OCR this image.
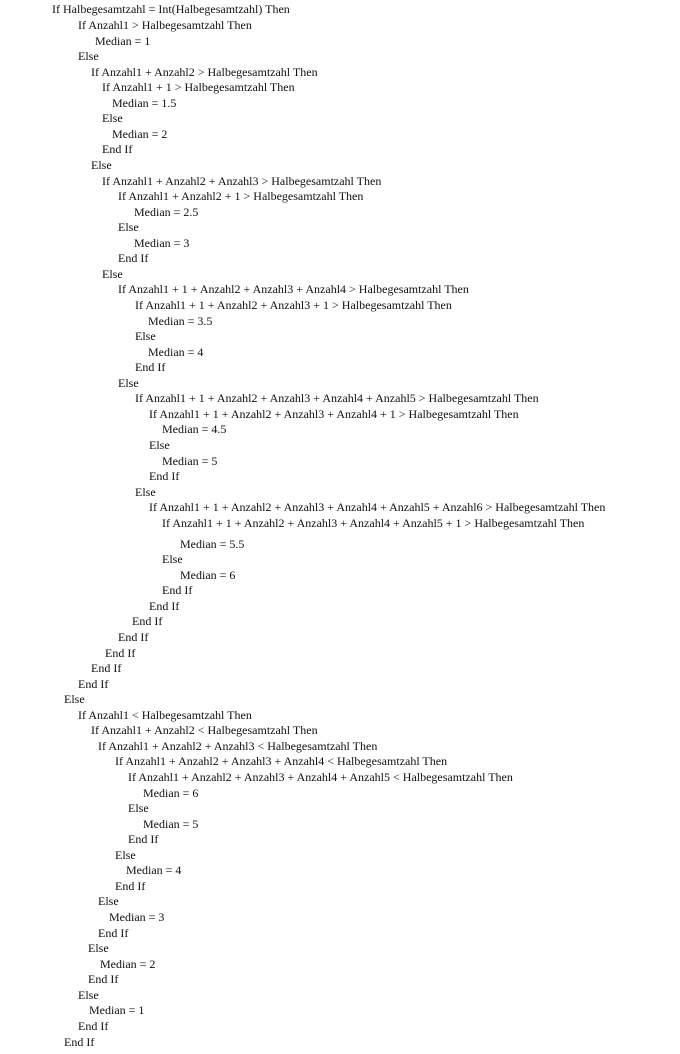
If Halbegesamtzahl = Int(Halbegesamtzahl) Then
If Anzahl1 > Halbegesamtzahl Then
Median = 1
Else
If Anzahl1 + Anzahl2 > Halbegesamtzahl Then
If Anzahl1 + 1 > Halbegesamtzahl Then
Median = 1.5
Else
Median = 2
End If
Else
If Anzahl1 + Anzahl2 + Anzahl3 > Halbegesamtzahl Then
If Anzahl1 + Anzahl2 + 1 > Halbegesamtzahl Then
Median = 2.5
Else
Median = 3
End If
Else
If Anzahl1 + 1 + Anzahl2 + Anzahl3 + Anzahl4 > Halbegesamtzahl Then
If Anzahl1 + 1 + Anzahl2 + Anzahl3 + 1 > Halbegesamtzahl Then
Median = 3.5
Else
Median = 4
End If
Else
If Anzahl1 + 1 + Anzahl2 + Anzahl3 + Anzahl4 + Anzahl5 > Halbegesamtzahl Then
If Anzahl1 + 1 + Anzahl2 + Anzahl3 + Anzahl4 + 1 > Halbegesamtzahl Then
Median = 4.5
Else
Median = 5
End If
Else
If Anzahl1 + 1 + Anzahl2 + Anzahl3 + Anzahl4 + Anzahl5 + Anzahl6 > Halbegesamtzahl Then
If Anzahl1 + 1 + Anzahl2 + Anzahl3 + Anzahl4 + Anzahl5 + 1 > Halbegesamtzahl Then
Median = 5.5
Else
Median = 6
End If
End If
End If
End If
End If
End If
End If
Else
If Anzahl1 < Halbegesamtzahl Then
If Anzahl1 + Anzahl2 < Halbegesamtzahl Then
If Anzahl1 + Anzahl2 + Anzahl3 < Halbegesamtzahl Then
If Anzahl1 + Anzahl2 + Anzahl3 + Anzahl4 < Halbegesamtzahl Then
If Anzahl1 + Anzahl2 + Anzahl3 + Anzahl4 + Anzahl5 < Halbegesamtzahl Then
Median = 6
Else
Median = 5
End If
Else
Median = 4
End If
Else
Median = 3
End If
Else
Median = 2
End If
Else
Median = 1
End If
End If
